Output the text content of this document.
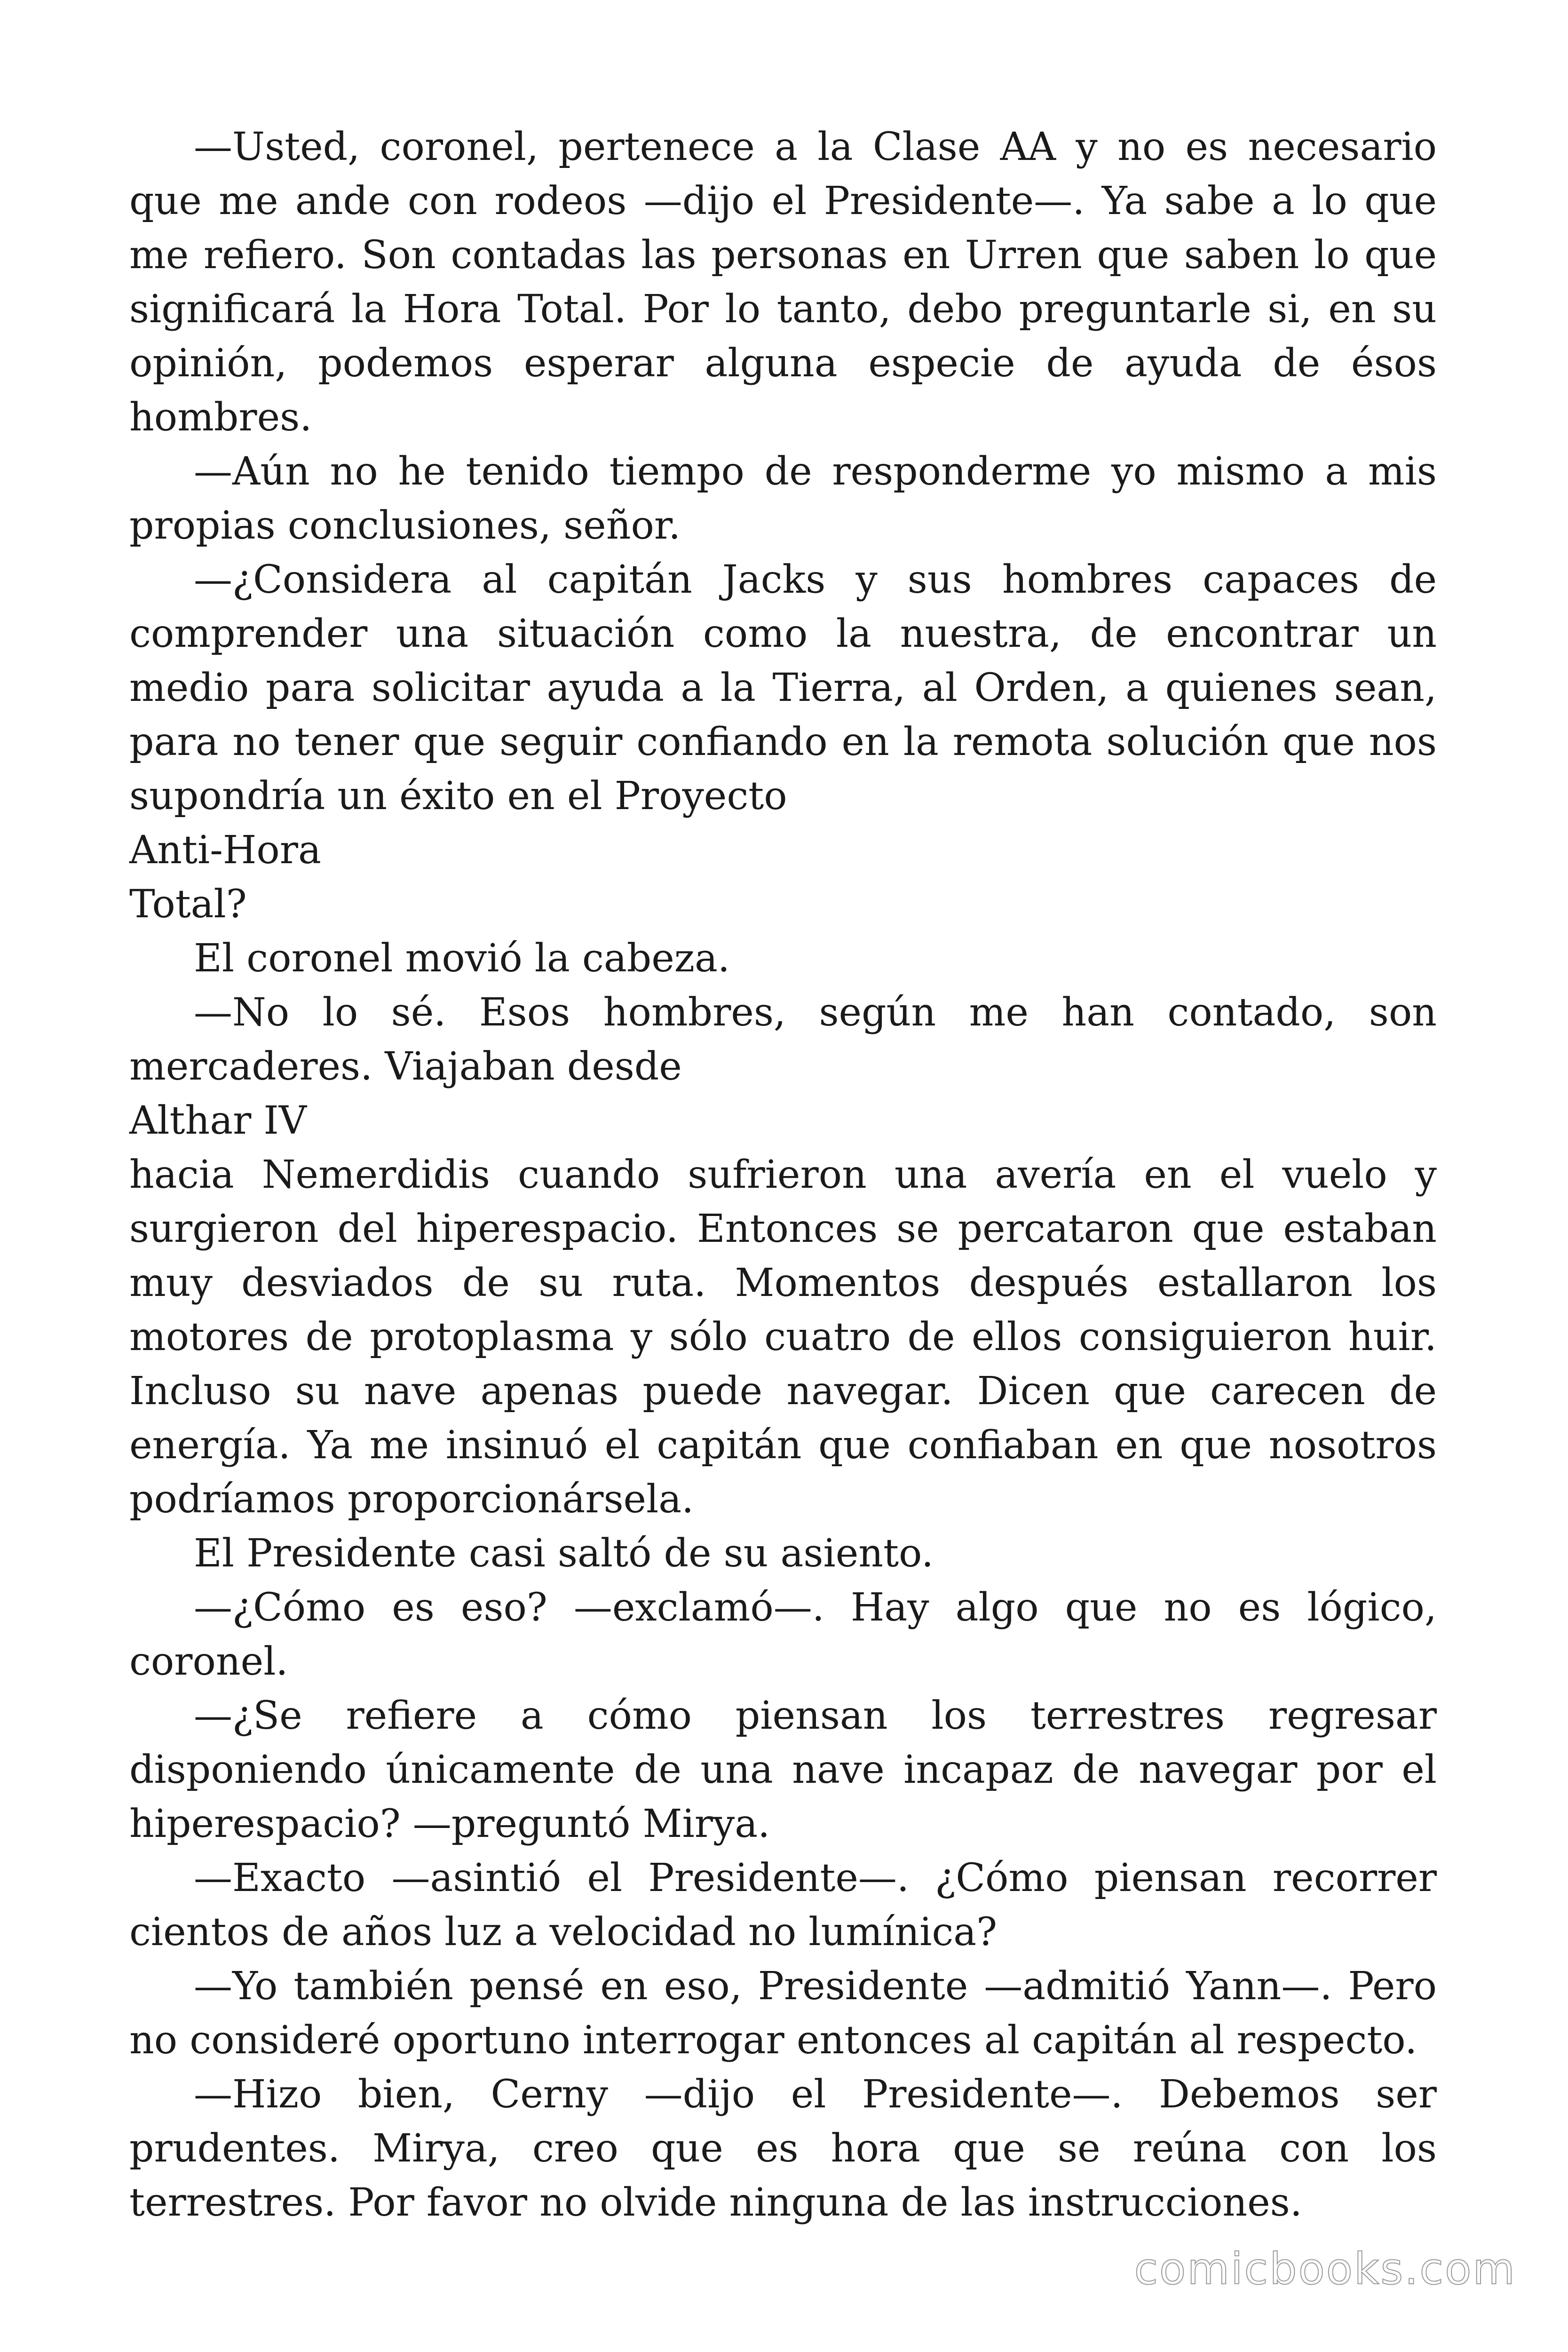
—Usted, coronel, pertenece a la Clase AA y no es necesario que me ande con rodeos —dijo el Presidente—. Ya sabe a lo que me refiero. Son contadas las personas en Urren que saben lo que significará la Hora Total. Por lo tanto, debo preguntarle si, en su opinión, podemos esperar alguna especie de ayuda de ésos hombres.

—Aún no he tenido tiempo de responderme yo mismo a mis propias conclusiones, señor.

—¿Considera al capitán Jacks y sus hombres capaces de comprender una situación como la nuestra, de encontrar un medio para solicitar ayuda a la Tierra, al Orden, a quienes sean, para no tener que seguir confiando en la remota solución que nos supondría un éxito en el Proyecto

Anti-Hora

Total?

El coronel movió la cabeza.

—No lo sé. Esos hombres, según me han contado, son mercaderes. Viajaban desde

Althar IV

hacia Nemerdidis cuando sufrieron una avería en el vuelo y surgieron del hiperespacio. Entonces se percataron que estaban muy desviados de su ruta. Momentos después estallaron los motores de protoplasma y sólo cuatro de ellos consiguieron huir. Incluso su nave apenas puede navegar. Dicen que carecen de energía. Ya me insinuó el capitán que confiaban en que nosotros podríamos proporcionársela.

El Presidente casi saltó de su asiento.

—¿Cómo es eso? —exclamó—. Hay algo que no es lógico, coronel.

—¿Se refiere a cómo piensan los terrestres regresar disponiendo únicamente de una nave incapaz de navegar por el hiperespacio? —preguntó Mirya.

—Exacto —asintió el Presidente—. ¿Cómo piensan recorrer cientos de años luz a velocidad no lumínica?

—Yo también pensé en eso, Presidente —admitió Yann—. Pero no consideré oportuno interrogar entonces al capitán al respecto.

—Hizo bien, Cerny —dijo el Presidente—. Debemos ser prudentes. Mirya, creo que es hora que se reúna con los terrestres. Por favor no olvide ninguna de las instrucciones.

comicbooks.com
